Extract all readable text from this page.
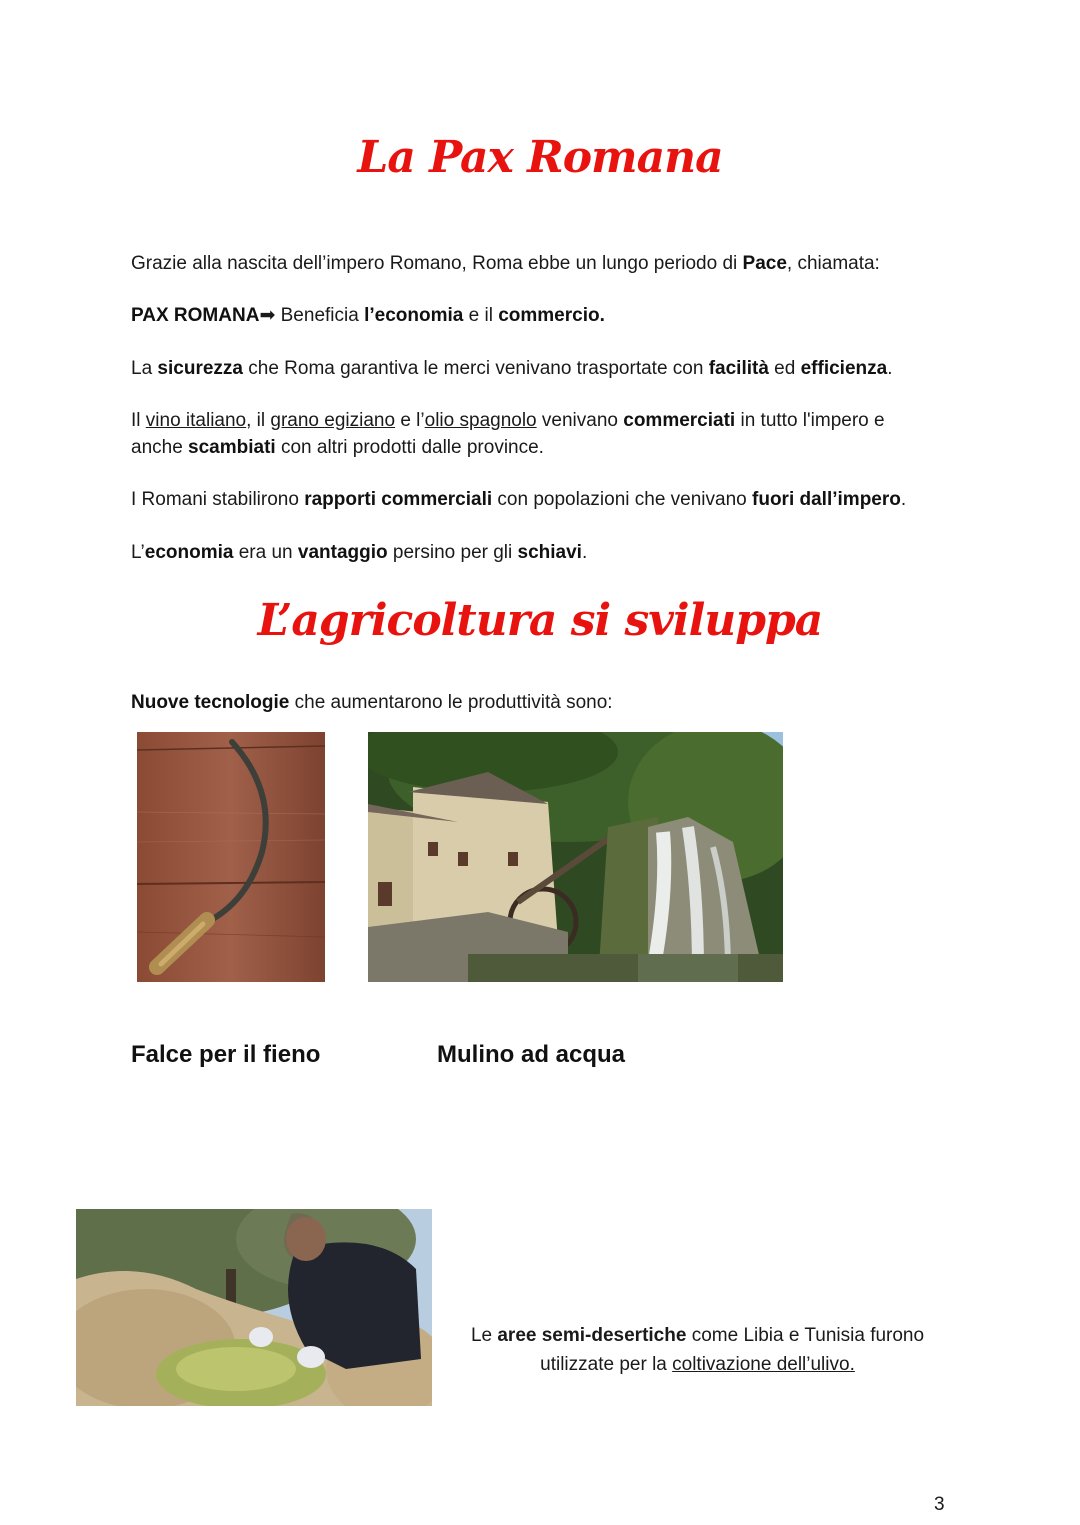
La Pax Romana
Grazie alla nascita dell’impero Romano, Roma ebbe un lungo periodo di Pace, chiamata:
PAX ROMANA➡ Beneficia l’economia e il commercio.
La sicurezza che Roma garantiva le merci venivano trasportate con facilità ed efficienza.
Il vino italiano, il grano egiziano e l’olio spagnolo venivano commerciati in tutto l'impero e anche scambiati con altri prodotti dalle province.
I Romani stabilirono rapporti commerciali con popolazioni che venivano fuori dall’impero.
L’economia era un vantaggio persino per gli schiavi.
L’agricoltura si sviluppa
Nuove tecnologie che aumentarono le produttività sono:
Falce per il fieno	Mulino ad acqua
Le aree semi-desertiche come Libia e Tunisia furono utilizzate per la coltivazione dell’ulivo.
3
